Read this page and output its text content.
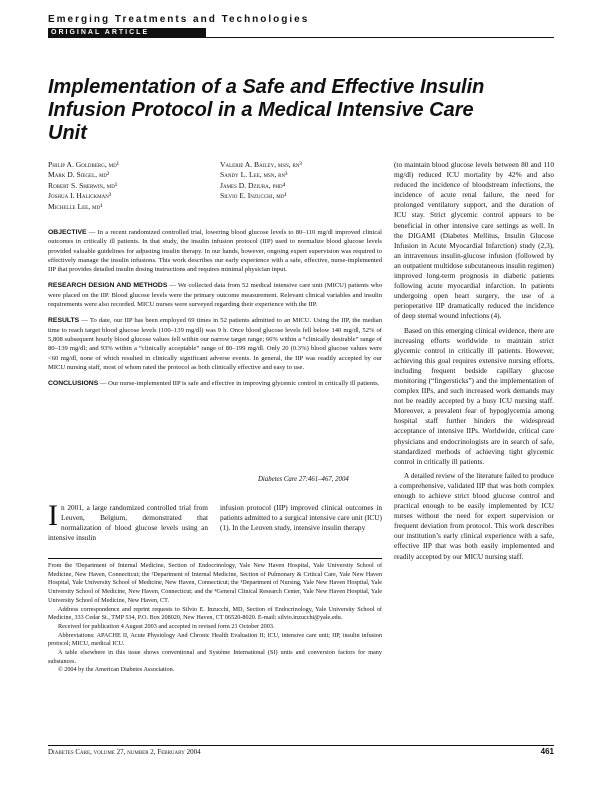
Emerging Treatments and Technologies
ORIGINAL ARTICLE
Implementation of a Safe and Effective Insulin Infusion Protocol in a Medical Intensive Care Unit
Philip A. Goldberg, md¹
Mark D. Siegel, md²
Robert S. Sherwin, md¹
Joshua I. Halickman³
Michelle Lee, md¹
Valerie A. Bailey, msn, rn³
Sandy L. Lee, msn, rn³
James D. Dziura, phd⁴
Silvio E. Inzucchi, md¹

OBJECTIVE — In a recent randomized controlled trial, lowering blood glucose levels to 80–110 mg/dl improved clinical outcomes in critically ill patients. In that study, the insulin infusion protocol (IIP) used to normalize blood glucose levels provided valuable guidelines for adjusting insulin therapy. In our hands, however, ongoing expert supervision was required to effectively manage the insulin infusions. This work describes our early experience with a safe, effective, nurse-implemented IIP that provides detailed insulin dosing instructions and requires minimal physician input.

RESEARCH DESIGN AND METHODS — We collected data from 52 medical intensive care unit (MICU) patients who were placed on the IIP. Blood glucose levels were the primary outcome measurement. Relevant clinical variables and insulin requirements were also recorded. MICU nurses were surveyed regarding their experience with the IIP.

RESULTS — To date, our IIP has been employed 69 times in 52 patients admitted to an MICU. Using the IIP, the median time to reach target blood glucose levels (100–139 mg/dl) was 9 h. Once blood glucose levels fell below 140 mg/dl, 52% of 5,808 subsequent hourly blood glucose values fell within our narrow target range; 66% within a “clinically desirable” range of 80–139 mg/dl; and 93% within a “clinically acceptable” range of 80–199 mg/dl. Only 20 (0.3%) blood glucose values were <60 mg/dl, none of which resulted in clinically significant adverse events. In general, the IIP was readily accepted by our MICU nursing staff, most of whom rated the protocol as both clinically effective and easy to use.

CONCLUSIONS — Our nurse-implemented IIP is safe and effective in improving glycemic control in critically ill patients.

Diabetes Care 27:461–467, 2004
In 2001, a large randomized controlled trial from Leuven, Belgium, demonstrated that normalization of blood glucose levels using an intensive insulin
infusion protocol (IIP) improved clinical outcomes in patients admitted to a surgical intensive care unit (ICU) (1). In the Leuven study, intensive insulin therapy

From the ¹Department of Internal Medicine, Section of Endocrinology, Yale New Haven Hospital, Yale University School of Medicine, New Haven, Connecticut; the ²Department of Internal Medicine, Section of Pulmonary & Critical Care, Yale New Haven Hospital, Yale University School of Medicine, New Haven, Connecticut; the ³Department of Nursing, Yale New Haven Hospital, Yale University School of Medicine, New Haven, Connecticut; and the ⁴General Clinical Research Center, Yale New Haven Hospital, Yale University School of Medicine, New Haven, CT.

Address correspondence and reprint requests to Silvio E. Inzucchi, MD, Section of Endocrinology, Yale University School of Medicine, 333 Cedar St., TMP 534, P.O. Box 208020, New Haven, CT 06520-8020. E-mail: silvio.inzucchi@yale.edu.

Received for publication 4 August 2003 and accepted in revised form 21 October 2003.

Abbreviations: APACHE II, Acute Physiology And Chronic Health Evaluation II; ICU, intensive care unit; IIP, insulin infusion protocol; MICU, medical ICU.

A table elsewhere in this issue shows conventional and Système International (SI) units and conversion factors for many substances.

© 2004 by the American Diabetes Association.

(to maintain blood glucose levels between 80 and 110 mg/dl) reduced ICU mortality by 42% and also reduced the incidence of bloodstream infections, the incidence of acute renal failure, the need for prolonged ventilatory support, and the duration of ICU stay. Strict glycemic control appears to be beneficial in other intensive care settings as well. In the DIGAMI (Diabetes Mellitus, Insulin Glucose Infusion in Acute Myocardial Infarction) study (2,3), an intravenous insulin-glucose infusion (followed by an outpatient multidose subcutaneous insulin regimen) improved long-term prognosis in diabetic patients following acute myocardial infarction. In patients undergoing open heart surgery, the use of a perioperative IIP dramatically reduced the incidence of deep sternal wound infections (4).

Based on this emerging clinical evidence, there are increasing efforts worldwide to maintain strict glycemic control in critically ill patients. However, achieving this goal requires extensive nursing efforts, including frequent bedside capillary glucose monitoring (“fingersticks”) and the implementation of complex IIPs, and such increased work demands may not be readily accepted by a busy ICU nursing staff. Moreover, a prevalent fear of hypoglycemia among hospital staff further hinders the widespread acceptance of intensive IIPs. Worldwide, critical care physicians and endocrinologists are in search of safe, standardized methods of achieving tight glycemic control in critically ill patients.

A detailed review of the literature failed to produce a comprehensive, validated IIP that was both complex enough to achieve strict blood glucose control and practical enough to be easily implemented by ICU nurses without the need for expert supervision or frequent deviation from protocol. This work describes our institution’s early clinical experience with a safe, effective IIP that was both easily implemented and readily accepted by our MICU nursing staff.

Diabetes Care, volume 27, number 2, February 2004	461
